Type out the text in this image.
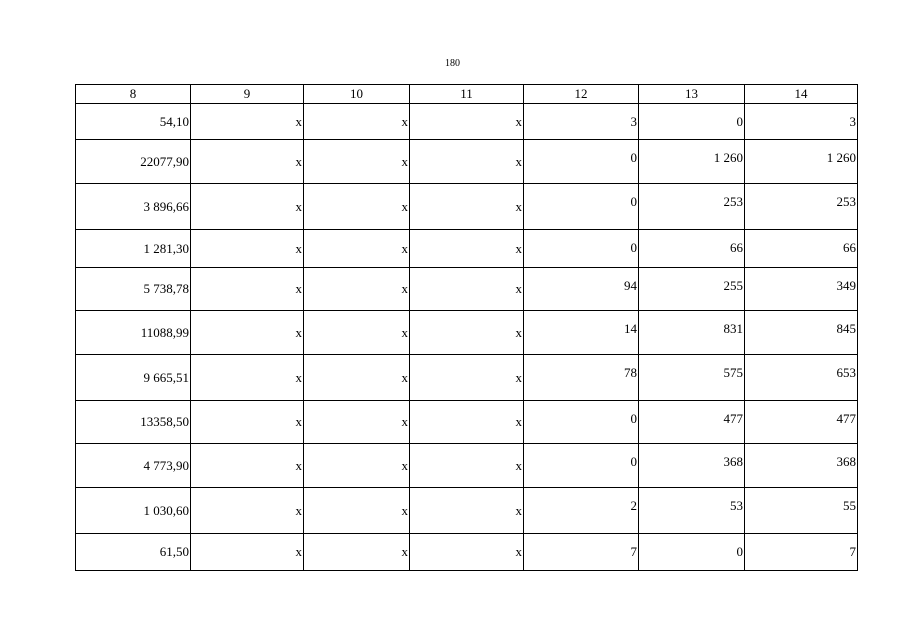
180
8	9	10	11	12	13	14
54,10	x	x	x	3	0	3
22077,90	x	x	x	0	1 260	1 260
3 896,66	x	x	x	0	253	253
1 281,30	x	x	x	0	66	66
5 738,78	x	x	x	94	255	349
11088,99	x	x	x	14	831	845
9 665,51	x	x	x	78	575	653
13358,50	x	x	x	0	477	477
4 773,90	x	x	x	0	368	368
1 030,60	x	x	x	2	53	55
61,50	x	x	x	7	0	7
